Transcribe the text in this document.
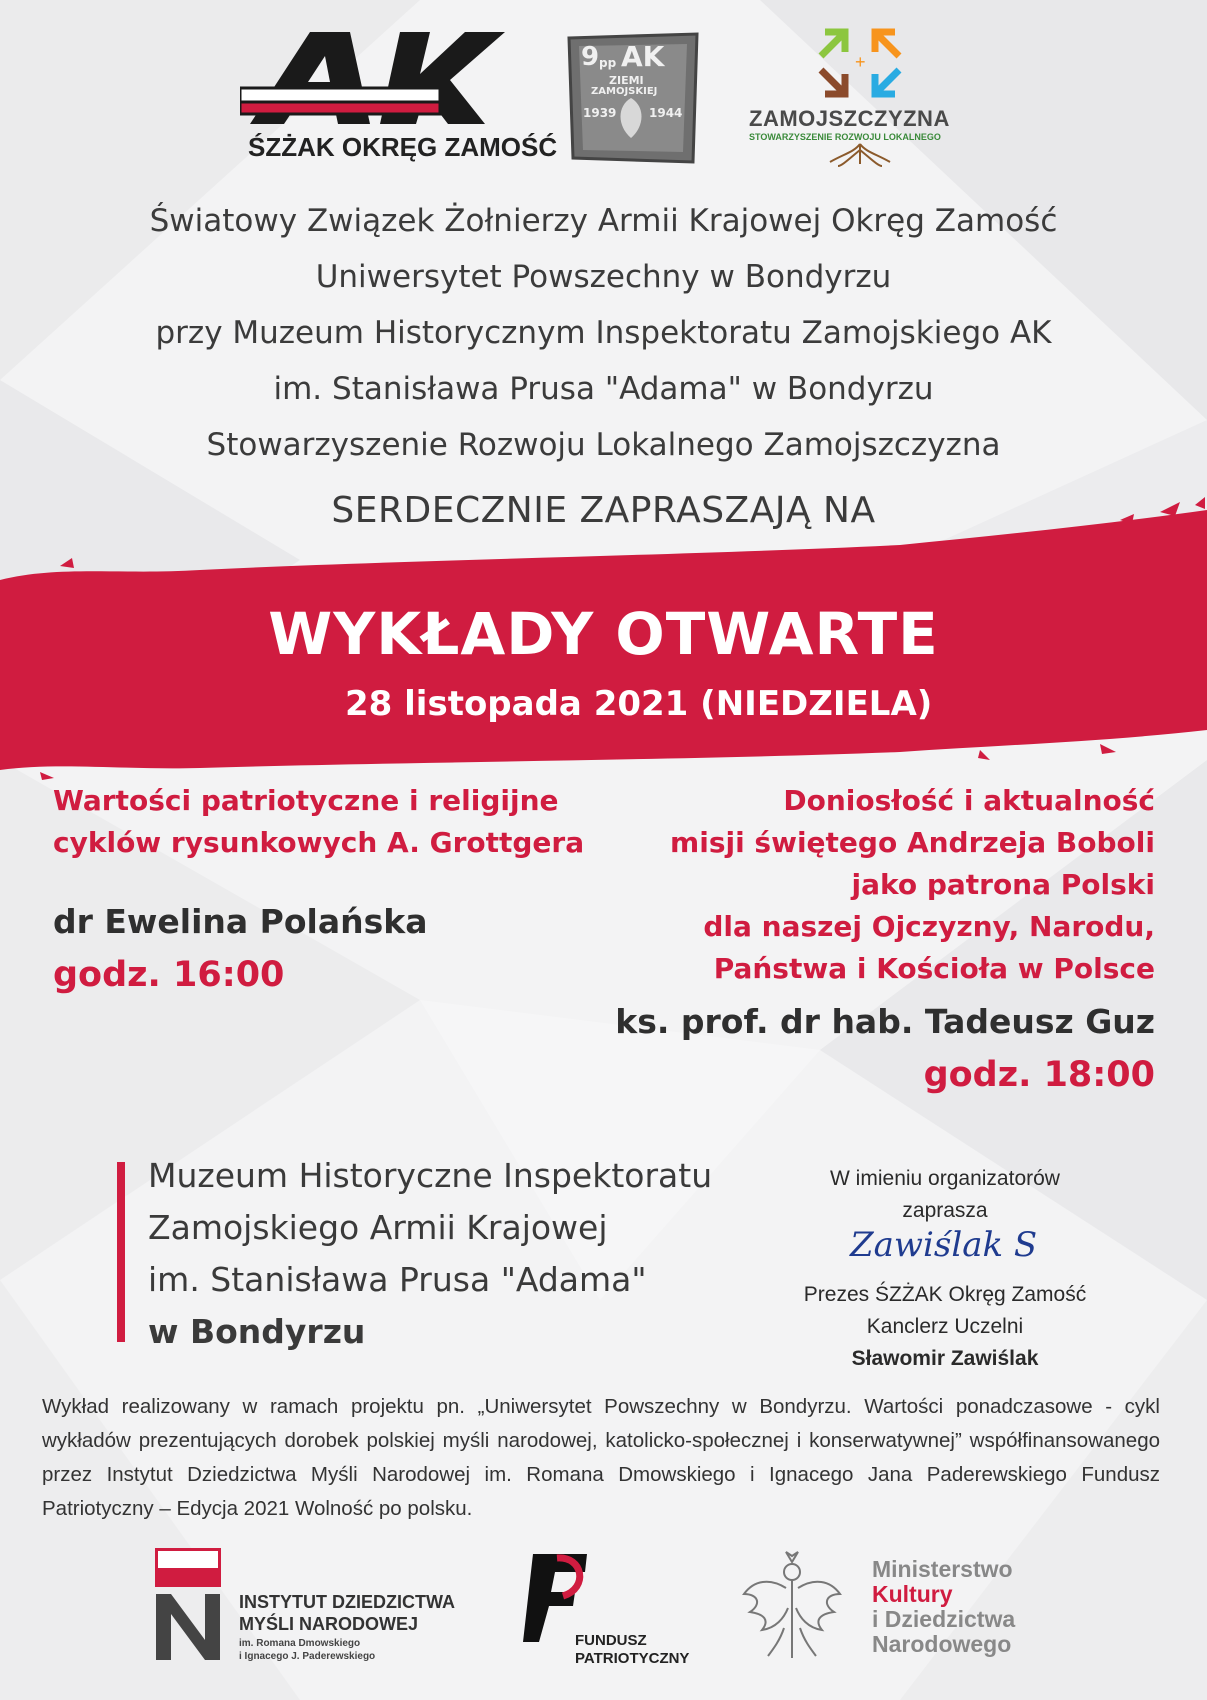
ŚZŻAK OKRĘG ZAMOŚĆ
9 pp AK
ZIEMI
ZAMOJSKIEJ
1939	1944
+
ZAMOJSZCZYZNA
STOWARZYSZENIE ROZWOJU LOKALNEGO
Światowy Związek Żołnierzy Armii Krajowej Okręg Zamość
Uniwersytet Powszechny w Bondyrzu
przy Muzeum Historycznym Inspektoratu Zamojskiego AK
im. Stanisława Prusa "Adama" w Bondyrzu
Stowarzyszenie Rozwoju Lokalnego Zamojszczyzna
SERDECZNIE ZAPRASZAJĄ NA
WYKŁADY OTWARTE
28 listopada 2021 (NIEDZIELA)
Wartości patriotyczne i religijne
cyklów rysunkowych A. Grottgera
dr Ewelina Polańska
godz. 16:00
Doniosłość i aktualność
misji świętego Andrzeja Boboli
jako patrona Polski
dla naszej Ojczyzny, Narodu,
Państwa i Kościoła w Polsce
ks. prof. dr hab. Tadeusz Guz
godz. 18:00
Muzeum Historyczne Inspektoratu
Zamojskiego Armii Krajowej
im. Stanisława Prusa "Adama"
w Bondyrzu
W imieniu organizatorów zaprasza
Zawiślak S
Prezes ŚZŻAK Okręg Zamość
Kanclerz Uczelni
Sławomir Zawiślak
Wykład realizowany w ramach projektu pn. „Uniwersytet Powszechny w Bondyrzu. Wartości ponadczasowe - cykl wykładów prezentujących dorobek polskiej myśli narodowej, katolicko-społecznej i konserwatywnej” współfinansowanego przez Instytut Dziedzictwa Myśli Narodowej im. Romana Dmowskiego i Ignacego Jana Paderewskiego Fundusz Patriotyczny – Edycja 2021 Wolność po polsku.
INSTYTUT DZIEDZICTWA
MYŚLI NARODOWEJ
im. Romana Dmowskiego
i Ignacego J. Paderewskiego
FUNDUSZ
PATRIOTYCZNY
Ministerstwo
Kultury
i Dziedzictwa
Narodowego
